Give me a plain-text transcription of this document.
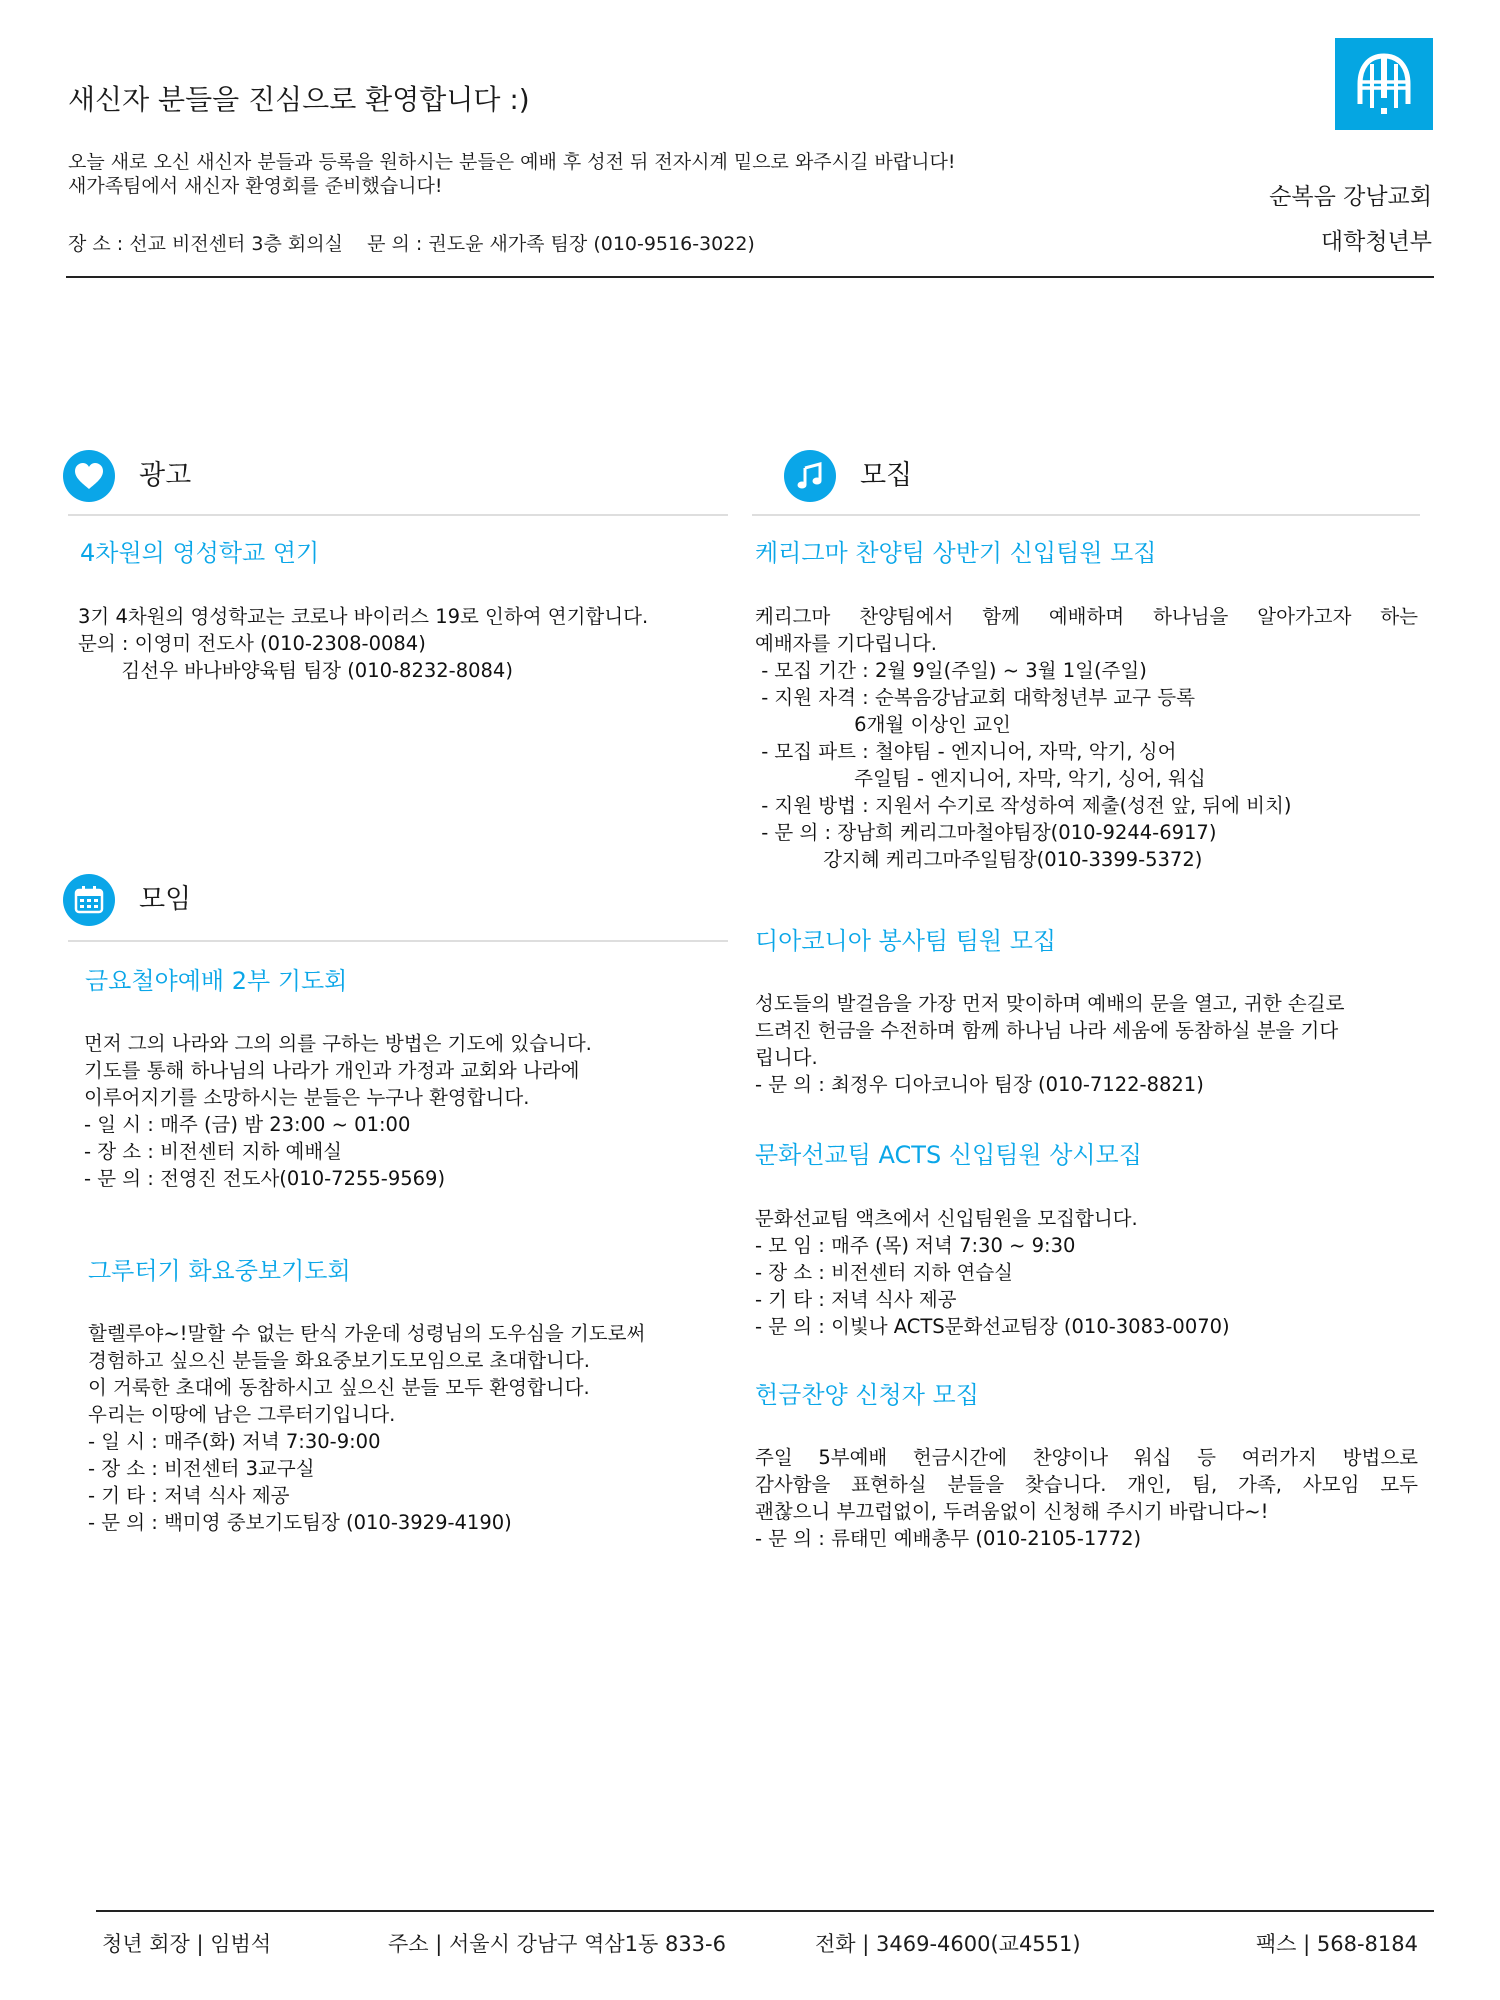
새신자 분들을 진심으로 환영합니다 :)
오늘 새로 오신 새신자 분들과 등록을 원하시는 분들은 예배 후 성전 뒤 전자시계 밑으로 와주시길 바랍니다!
새가족팀에서 새신자 환영회를 준비했습니다!
장 소 : 선교 비전센터 3층 회의실    문 의 : 권도윤 새가족 팀장 (010-9516-3022)
순복음 강남교회
대학청년부
광고
4차원의 영성학교 연기
3기 4차원의 영성학교는 코로나 바이러스 19로 인하여 연기합니다.
문의 : 이영미 전도사 (010-2308-0084)
김선우 바나바양육팀 팀장 (010-8232-8084)
모임
금요철야예배 2부 기도회
먼저 그의 나라와 그의 의를 구하는 방법은 기도에 있습니다.
기도를 통해 하나님의 나라가 개인과 가정과 교회와 나라에
이루어지기를 소망하시는 분들은 누구나 환영합니다.
- 일 시 : 매주 (금) 밤 23:00 ~ 01:00
- 장 소 : 비전센터 지하 예배실
- 문 의 : 전영진 전도사(010-7255-9569)
그루터기 화요중보기도회
할렐루야~!말할 수 없는 탄식 가운데 성령님의 도우심을 기도로써
경험하고 싶으신 분들을 화요중보기도모임으로 초대합니다.
이 거룩한 초대에 동참하시고 싶으신 분들 모두 환영합니다.
우리는 이땅에 남은 그루터기입니다.
- 일 시 : 매주(화) 저녁 7:30-9:00
- 장 소 : 비전센터 3교구실
- 기 타 : 저녁 식사 제공
- 문 의 : 백미영 중보기도팀장 (010-3929-4190)
모집
케리그마 찬양팀 상반기 신입팀원 모집
케리그마 찬양팀에서 함께 예배하며 하나님을 알아가고자 하는
예배자를 기다립니다.
- 모집 기간 : 2월 9일(주일) ~ 3월 1일(주일)
- 지원 자격 : 순복음강남교회 대학청년부 교구 등록
6개월 이상인 교인
- 모집 파트 : 철야팀 - 엔지니어, 자막, 악기, 싱어
주일팀 - 엔지니어, 자막, 악기, 싱어, 워십
- 지원 방법 : 지원서 수기로 작성하여 제출(성전 앞, 뒤에 비치)
- 문 의 : 장남희 케리그마철야팀장(010-9244-6917)
강지혜 케리그마주일팀장(010-3399-5372)
디아코니아 봉사팀 팀원 모집
성도들의 발걸음을 가장 먼저 맞이하며 예배의 문을 열고, 귀한 손길로
드려진 헌금을 수전하며 함께 하나님 나라 세움에 동참하실 분을 기다
립니다.
- 문 의 : 최정우 디아코니아 팀장 (010-7122-8821)
문화선교팀 ACTS 신입팀원 상시모집
문화선교팀 액츠에서 신입팀원을 모집합니다.
- 모 임 : 매주 (목) 저녁 7:30 ~ 9:30
- 장 소 : 비전센터 지하 연습실
- 기 타 : 저녁 식사 제공
- 문 의 : 이빛나 ACTS문화선교팀장 (010-3083-0070)
헌금찬양 신청자 모집
주일 5부예배 헌금시간에 찬양이나 워십 등 여러가지 방법으로
감사함을 표현하실 분들을 찾습니다. 개인, 팀, 가족, 사모임 모두
괜찮으니 부끄럽없이, 두려움없이 신청해 주시기 바랍니다~!
- 문 의 : 류태민 예배총무 (010-2105-1772)
청년 회장 | 임범석	주소 | 서울시 강남구 역삼1동 833-6	전화 | 3469-4600(교4551)	팩스 | 568-8184
